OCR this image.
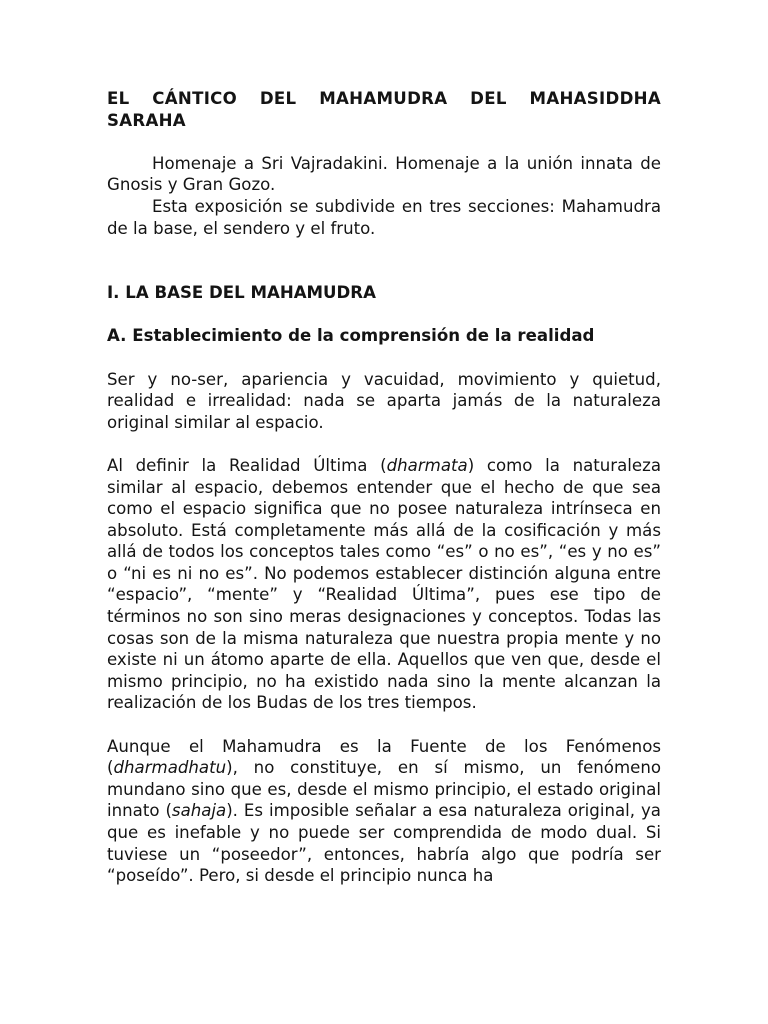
EL CÁNTICO DEL MAHAMUDRA DEL MAHASIDDHA SARAHA

Homenaje a Sri Vajradakini. Homenaje a la unión innata de Gnosis y Gran Gozo.

Esta exposición se subdivide en tres secciones: Mahamudra de la base, el sendero y el fruto.

I. LA BASE DEL MAHAMUDRA

A. Establecimiento de la comprensión de la realidad

Ser y no-ser, apariencia y vacuidad, movimiento y quietud, realidad e irrealidad: nada se aparta jamás de la naturaleza original similar al espacio.

Al definir la Realidad Última (dharmata) como la naturaleza similar al espacio, debemos entender que el hecho de que sea como el espacio significa que no posee naturaleza intrínseca en absoluto. Está completamente más allá de la cosificación y más allá de todos los conceptos tales como “es” o no es”, “es y no es” o “ni es ni no es”. No podemos establecer distinción alguna entre “espacio”, “mente” y “Realidad Última”, pues ese tipo de términos no son sino meras designaciones y conceptos. Todas las cosas son de la misma naturaleza que nuestra propia mente y no existe ni un átomo aparte de ella. Aquellos que ven que, desde el mismo principio, no ha existido nada sino la mente alcanzan la realización de los Budas de los tres tiempos.

Aunque el Mahamudra es la Fuente de los Fenómenos (dharmadhatu), no constituye, en sí mismo, un fenómeno mundano sino que es, desde el mismo principio, el estado original innato (sahaja). Es imposible señalar a esa naturaleza original, ya que es inefable y no puede ser comprendida de modo dual. Si tuviese un “poseedor”, entonces, habría algo que podría ser “poseído”. Pero, si desde el principio nunca ha
